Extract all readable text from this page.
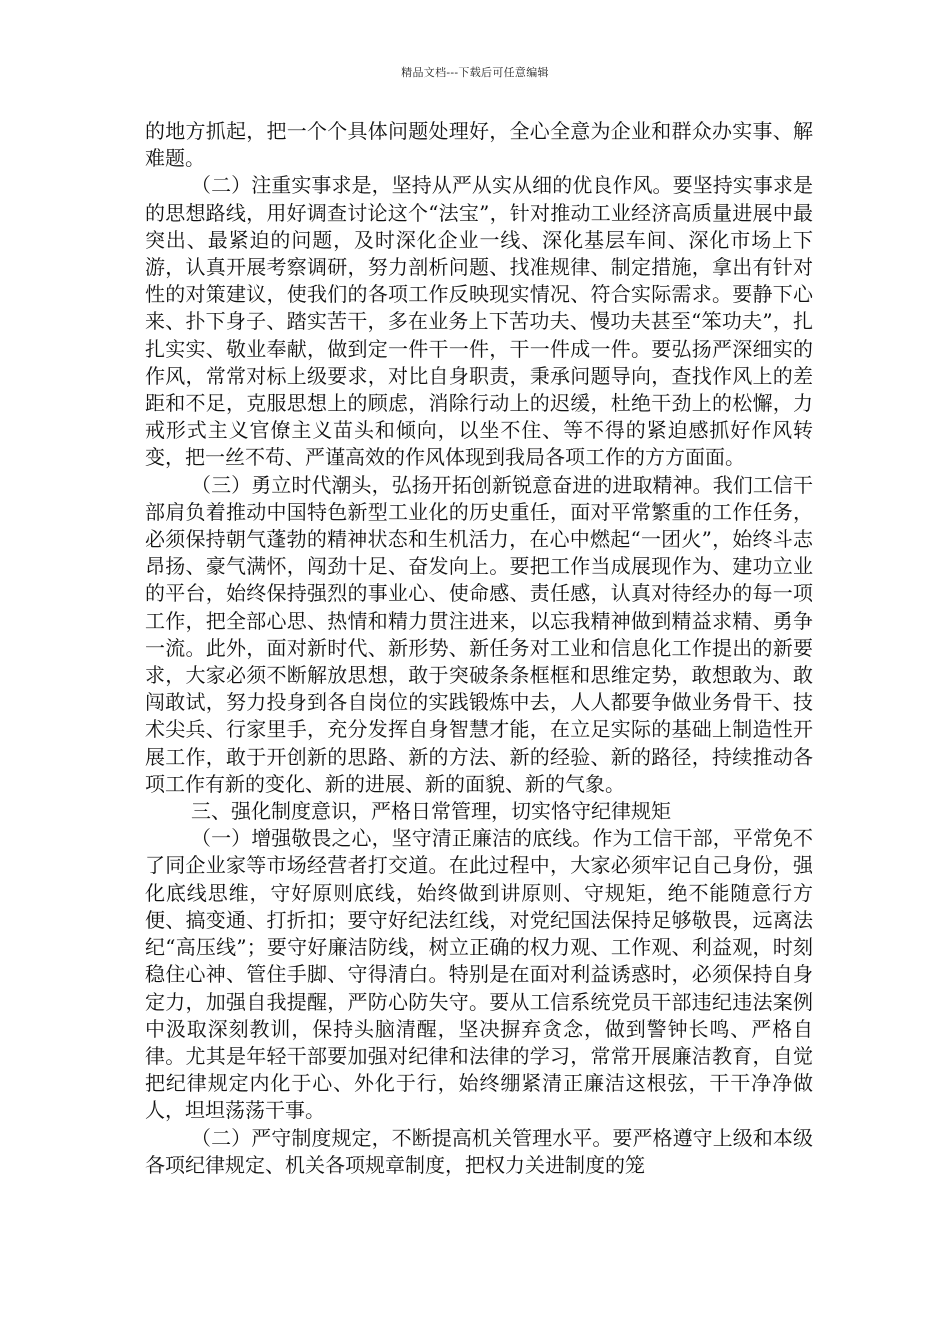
精品文档---下载后可任意编辑

的地方抓起，把一个个具体问题处理好，全心全意为企业和群众办实事、解难题。

（二）注重实事求是，坚持从严从实从细的优良作风。要坚持实事求是的思想路线，用好调查讨论这个“法宝”，针对推动工业经济高质量进展中最突出、最紧迫的问题，及时深化企业一线、深化基层车间、深化市场上下游，认真开展考察调研，努力剖析问题、找准规律、制定措施，拿出有针对性的对策建议，使我们的各项工作反映现实情况、符合实际需求。要静下心来、扑下身子、踏实苦干，多在业务上下苦功夫、慢功夫甚至“笨功夫”，扎扎实实、敬业奉献，做到定一件干一件，干一件成一件。要弘扬严深细实的作风，常常对标上级要求，对比自身职责，秉承问题导向，查找作风上的差距和不足，克服思想上的顾虑，消除行动上的迟缓，杜绝干劲上的松懈，力戒形式主义官僚主义苗头和倾向，以坐不住、等不得的紧迫感抓好作风转变，把一丝不苟、严谨高效的作风体现到我局各项工作的方方面面。

（三）勇立时代潮头，弘扬开拓创新锐意奋进的进取精神。我们工信干部肩负着推动中国特色新型工业化的历史重任，面对平常繁重的工作任务，必须保持朝气蓬勃的精神状态和生机活力，在心中燃起“一团火”，始终斗志昂扬、豪气满怀，闯劲十足、奋发向上。要把工作当成展现作为、建功立业的平台，始终保持强烈的事业心、使命感、责任感，认真对待经办的每一项工作，把全部心思、热情和精力贯注进来，以忘我精神做到精益求精、勇争一流。此外，面对新时代、新形势、新任务对工业和信息化工作提出的新要求，大家必须不断解放思想，敢于突破条条框框和思维定势，敢想敢为、敢闯敢试，努力投身到各自岗位的实践锻炼中去，人人都要争做业务骨干、技术尖兵、行家里手，充分发挥自身智慧才能，在立足实际的基础上制造性开展工作，敢于开创新的思路、新的方法、新的经验、新的路径，持续推动各项工作有新的变化、新的进展、新的面貌、新的气象。

三、强化制度意识，严格日常管理，切实恪守纪律规矩

（一）增强敬畏之心，坚守清正廉洁的底线。作为工信干部，平常免不了同企业家等市场经营者打交道。在此过程中，大家必须牢记自己身份，强化底线思维，守好原则底线，始终做到讲原则、守规矩，绝不能随意行方便、搞变通、打折扣；要守好纪法红线，对党纪国法保持足够敬畏，远离法纪“高压线”；要守好廉洁防线，树立正确的权力观、工作观、利益观，时刻稳住心神、管住手脚、守得清白。特别是在面对利益诱惑时，必须保持自身定力，加强自我提醒，严防心防失守。要从工信系统党员干部违纪违法案例中汲取深刻教训，保持头脑清醒，坚决摒弃贪念，做到警钟长鸣、严格自律。尤其是年轻干部要加强对纪律和法律的学习，常常开展廉洁教育，自觉把纪律规定内化于心、外化于行，始终绷紧清正廉洁这根弦，干干净净做人，坦坦荡荡干事。

（二）严守制度规定，不断提高机关管理水平。要严格遵守上级和本级各项纪律规定、机关各项规章制度，把权力关进制度的笼
